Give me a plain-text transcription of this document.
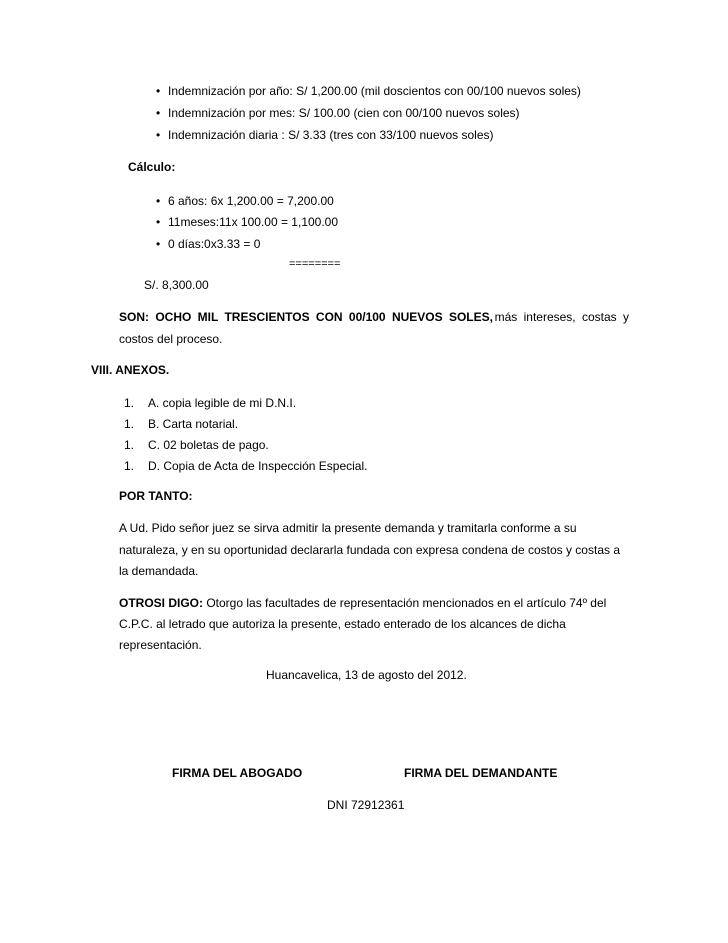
• Indemnización por año: S/ 1,200.00 (mil doscientos con 00/100 nuevos soles)
• Indemnización por mes: S/ 100.00 (cien con 00/100 nuevos soles)
• Indemnización diaria : S/ 3.33 (tres con 33/100 nuevos soles)
Cálculo:
• 6 años: 6x 1,200.00 = 7,200.00
• 11meses:11x 100.00 = 1,100.00
• 0 días:0x3.33 = 0
========
S/. 8,300.00
SON: OCHO MIL TRESCIENTOS CON 00/100 NUEVOS SOLES, más intereses, costas y
costos del proceso.
VIII. ANEXOS.
1. A. copia legible de mi D.N.I.
1. B. Carta notarial.
1. C. 02 boletas de pago.
1. D. Copia de Acta de Inspección Especial.
POR TANTO:
A Ud. Pido señor juez se sirva admitir la presente demanda y tramitarla conforme a su
naturaleza, y en su oportunidad declararla fundada con expresa condena de costos y costas a
la demandada.
OTROSI DIGO: Otorgo las facultades de representación mencionados en el artículo 74º del
C.P.C. al letrado que autoriza la presente, estado enterado de los alcances de dicha
representación.
Huancavelica, 13 de agosto del 2012.
FIRMA DEL ABOGADO	FIRMA DEL DEMANDANTE
DNI 72912361
